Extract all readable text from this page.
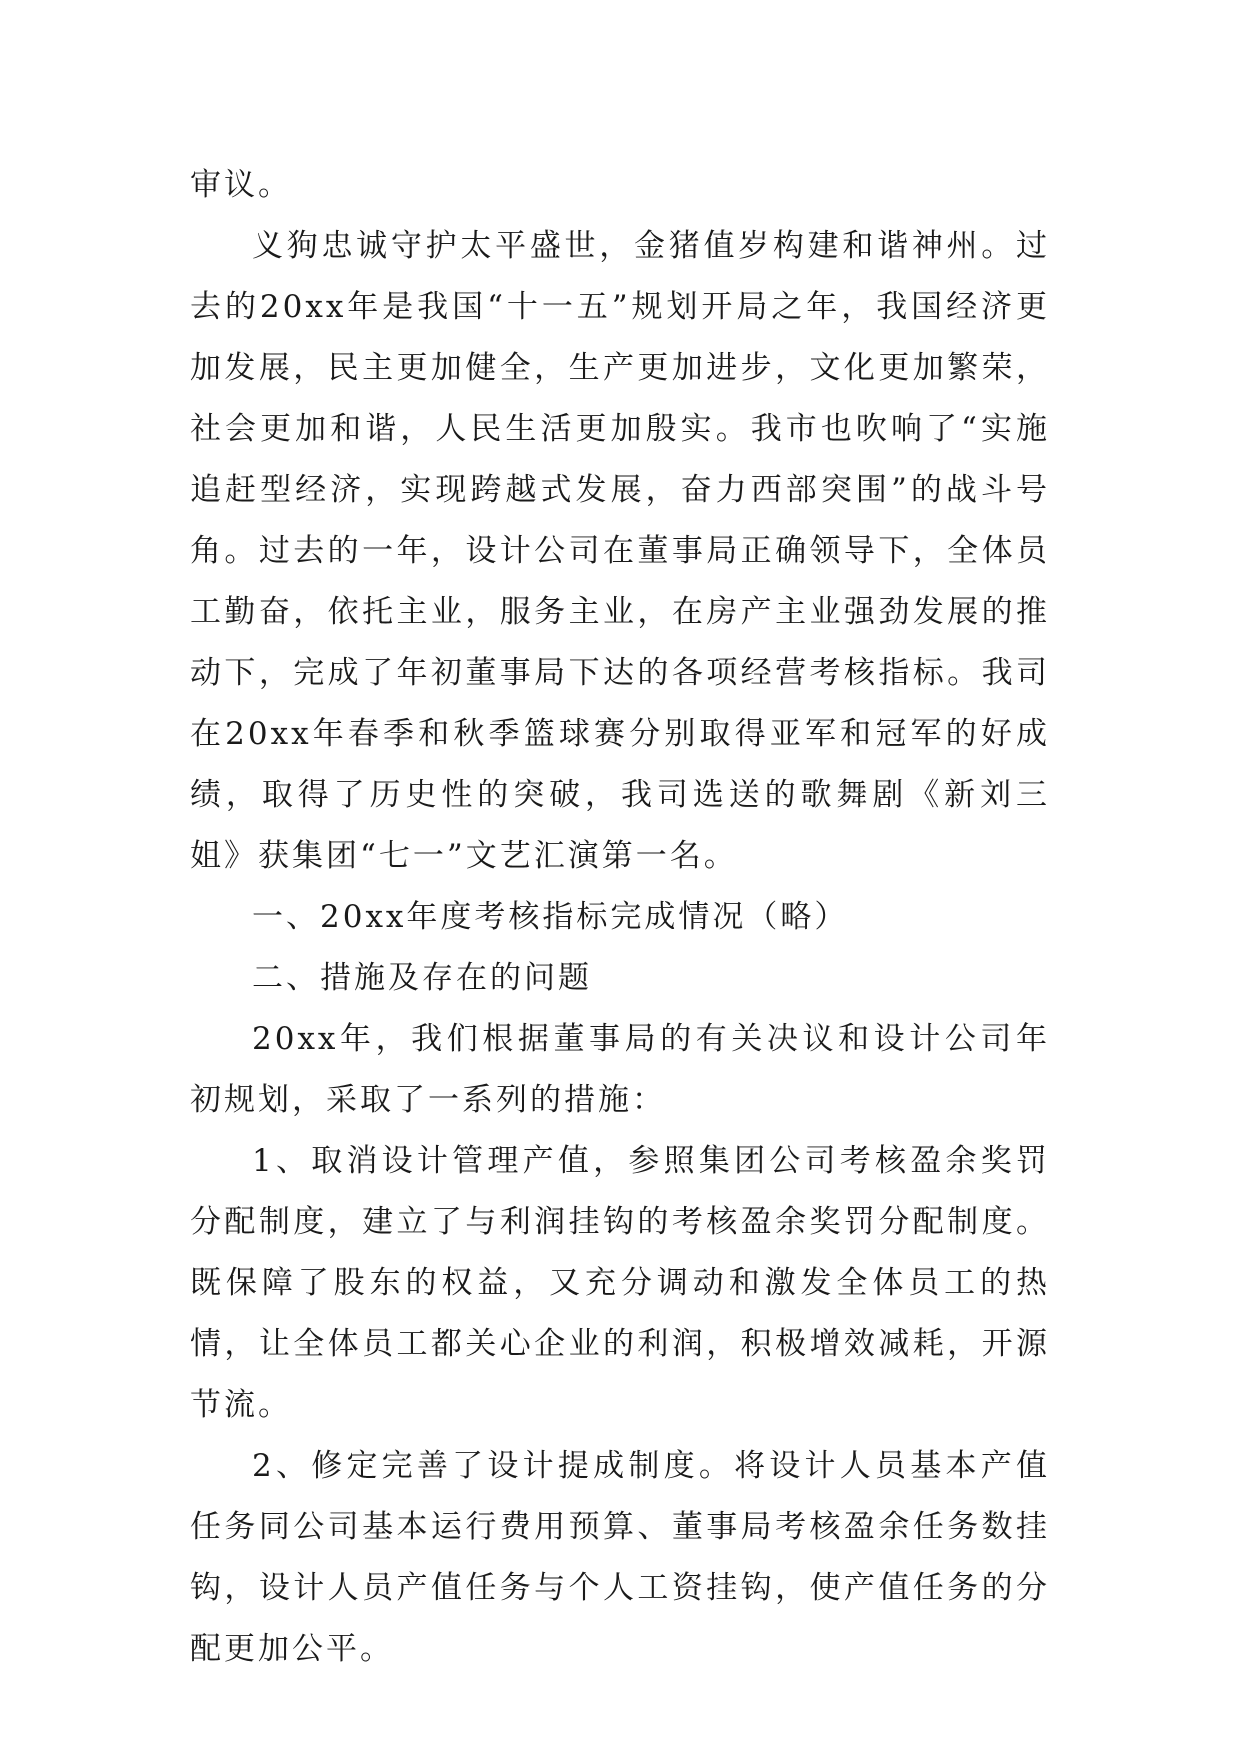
审议。

义狗忠诚守护太平盛世，金猪值岁构建和谐神州。过去的20xx年是我国“十一五”规划开局之年，我国经济更加发展，民主更加健全，生产更加进步，文化更加繁荣，社会更加和谐，人民生活更加殷实。我市也吹响了“实施追赶型经济，实现跨越式发展，奋力西部突围”的战斗号角。过去的一年，设计公司在董事局正确领导下，全体员工勤奋，依托主业，服务主业，在房产主业强劲发展的推动下，完成了年初董事局下达的各项经营考核指标。我司在20xx年春季和秋季篮球赛分别取得亚军和冠军的好成绩，取得了历史性的突破，我司选送的歌舞剧《新刘三姐》获集团“七一”文艺汇演第一名。

一、20xx年度考核指标完成情况（略）

二、措施及存在的问题

20xx年，我们根据董事局的有关决议和设计公司年初规划，采取了一系列的措施：

1、取消设计管理产值，参照集团公司考核盈余奖罚分配制度，建立了与利润挂钩的考核盈余奖罚分配制度。既保障了股东的权益，又充分调动和激发全体员工的热情，让全体员工都关心企业的利润，积极增效减耗，开源节流。

2、修定完善了设计提成制度。将设计人员基本产值任务同公司基本运行费用预算、董事局考核盈余任务数挂钩，设计人员产值任务与个人工资挂钩，使产值任务的分配更加公平。
